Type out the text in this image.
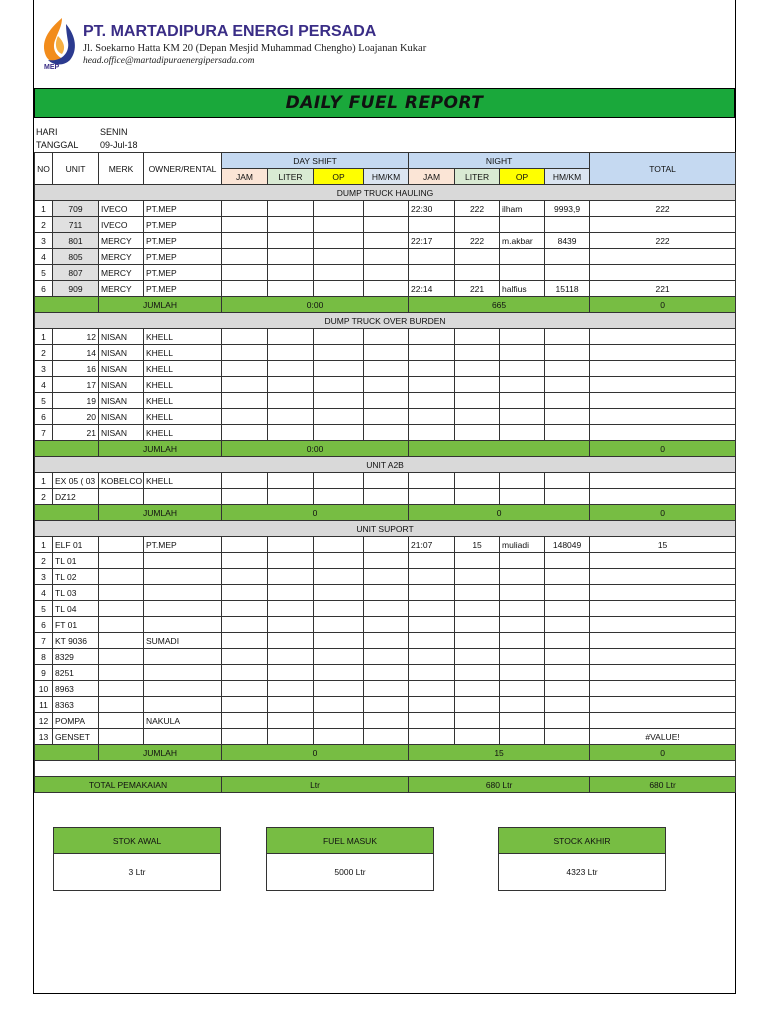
MEP
PT. MARTADIPURA ENERGI PERSADA
Jl. Soekarno Hatta KM 20 (Depan Mesjid Muhammad Chengho) Loajanan Kukar
head.office@martadipuraenergipersada.com
DAILY FUEL REPORT
HARI	SENIN
TANGGAL 09-Jul-18
NO	UNIT	MERK	OWNER/RENTAL	DAY SHIFT				NIGHT				TOTAL
				JAM	LITER	OP	HM/KM	JAM	LITER	OP	HM/KM	
DUMP TRUCK HAULING												
1	709	IVECO	PT.MEP					22:30	222	ilham	9993,9	222
2	711	IVECO	PT.MEP									
3	801	MERCY	PT.MEP					22:17	222	m.akbar	8439	222
4	805	MERCY	PT.MEP									
5	807	MERCY	PT.MEP									
6	909	MERCY	PT.MEP					22:14	221	halfius	15118	221
		JUMLAH		0:00				665				0
DUMP TRUCK OVER BURDEN												
1	12	NISAN	KHELL									
2	14	NISAN	KHELL									
3	16	NISAN	KHELL									
4	17	NISAN	KHELL									
5	19	NISAN	KHELL									
6	20	NISAN	KHELL									
7	21	NISAN	KHELL									
		JUMLAH		0:00								0
UNIT A2B												
1	EX 05 ( 03	KOBELCO	KHELL									
2	DZ12											
		JUMLAH		0				0				0
UNIT SUPORT												
1	ELF 01		PT.MEP					21:07	15	muliadi	148049	15
2	TL 01											
3	TL 02											
4	TL 03											
5	TL 04											
6	FT 01											
7	KT 9036		SUMADI									
8	8329											
9	8251											
10	8963											
11	8363											
12	POMPA		NAKULA									
13	GENSET											#VALUE!
		JUMLAH		0				15				0

TOTAL PEMAKAIAN				Ltr				680 Ltr				680 Ltr
STOK AWAL
3 Ltr
FUEL MASUK
5000 Ltr
STOCK AKHIR
4323 Ltr
